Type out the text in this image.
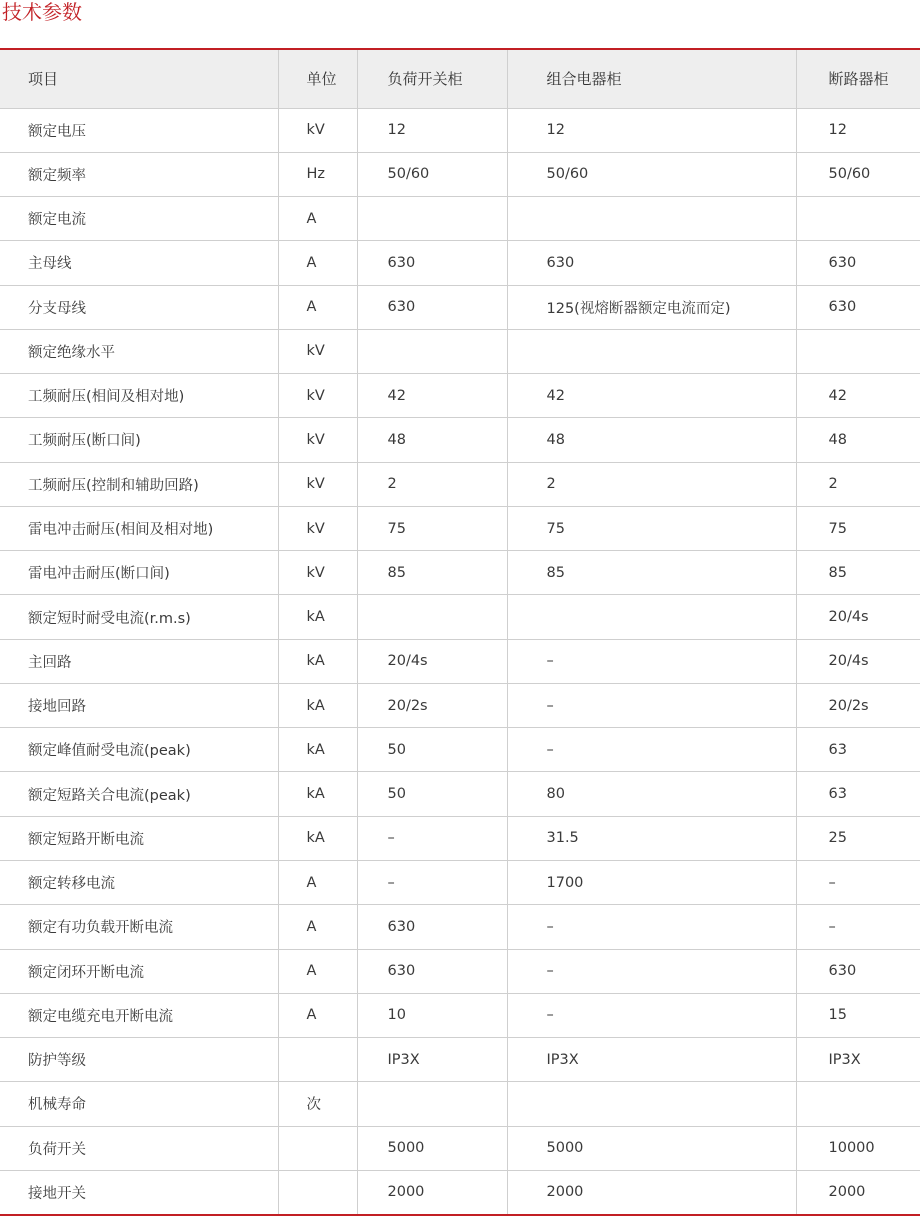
技术参数
项目	单位	负荷开关柜	组合电器柜	断路器柜
额定电压	kV	12	12	12
额定频率	Hz	50/60	50/60	50/60
额定电流	A			
主母线	A	630	630	630
分支母线	A	630	125(视熔断器额定电流而定)	630
额定绝缘水平	kV			
工频耐压(相间及相对地)	kV	42	42	42
工频耐压(断口间)	kV	48	48	48
工频耐压(控制和辅助回路)	kV	2	2	2
雷电冲击耐压(相间及相对地)	kV	75	75	75
雷电冲击耐压(断口间)	kV	85	85	85
额定短时耐受电流(r.m.s)	kA			20/4s
主回路	kA	20/4s	–	20/4s
接地回路	kA	20/2s	–	20/2s
额定峰值耐受电流(peak)	kA	50	–	63
额定短路关合电流(peak)	kA	50	80	63
额定短路开断电流	kA	–	31.5	25
额定转移电流	A	–	1700	–
额定有功负载开断电流	A	630	–	–
额定闭环开断电流	A	630	–	630
额定电缆充电开断电流	A	10	–	15
防护等级		IP3X	IP3X	IP3X
机械寿命	次			
负荷开关		5000	5000	10000
接地开关		2000	2000	2000
